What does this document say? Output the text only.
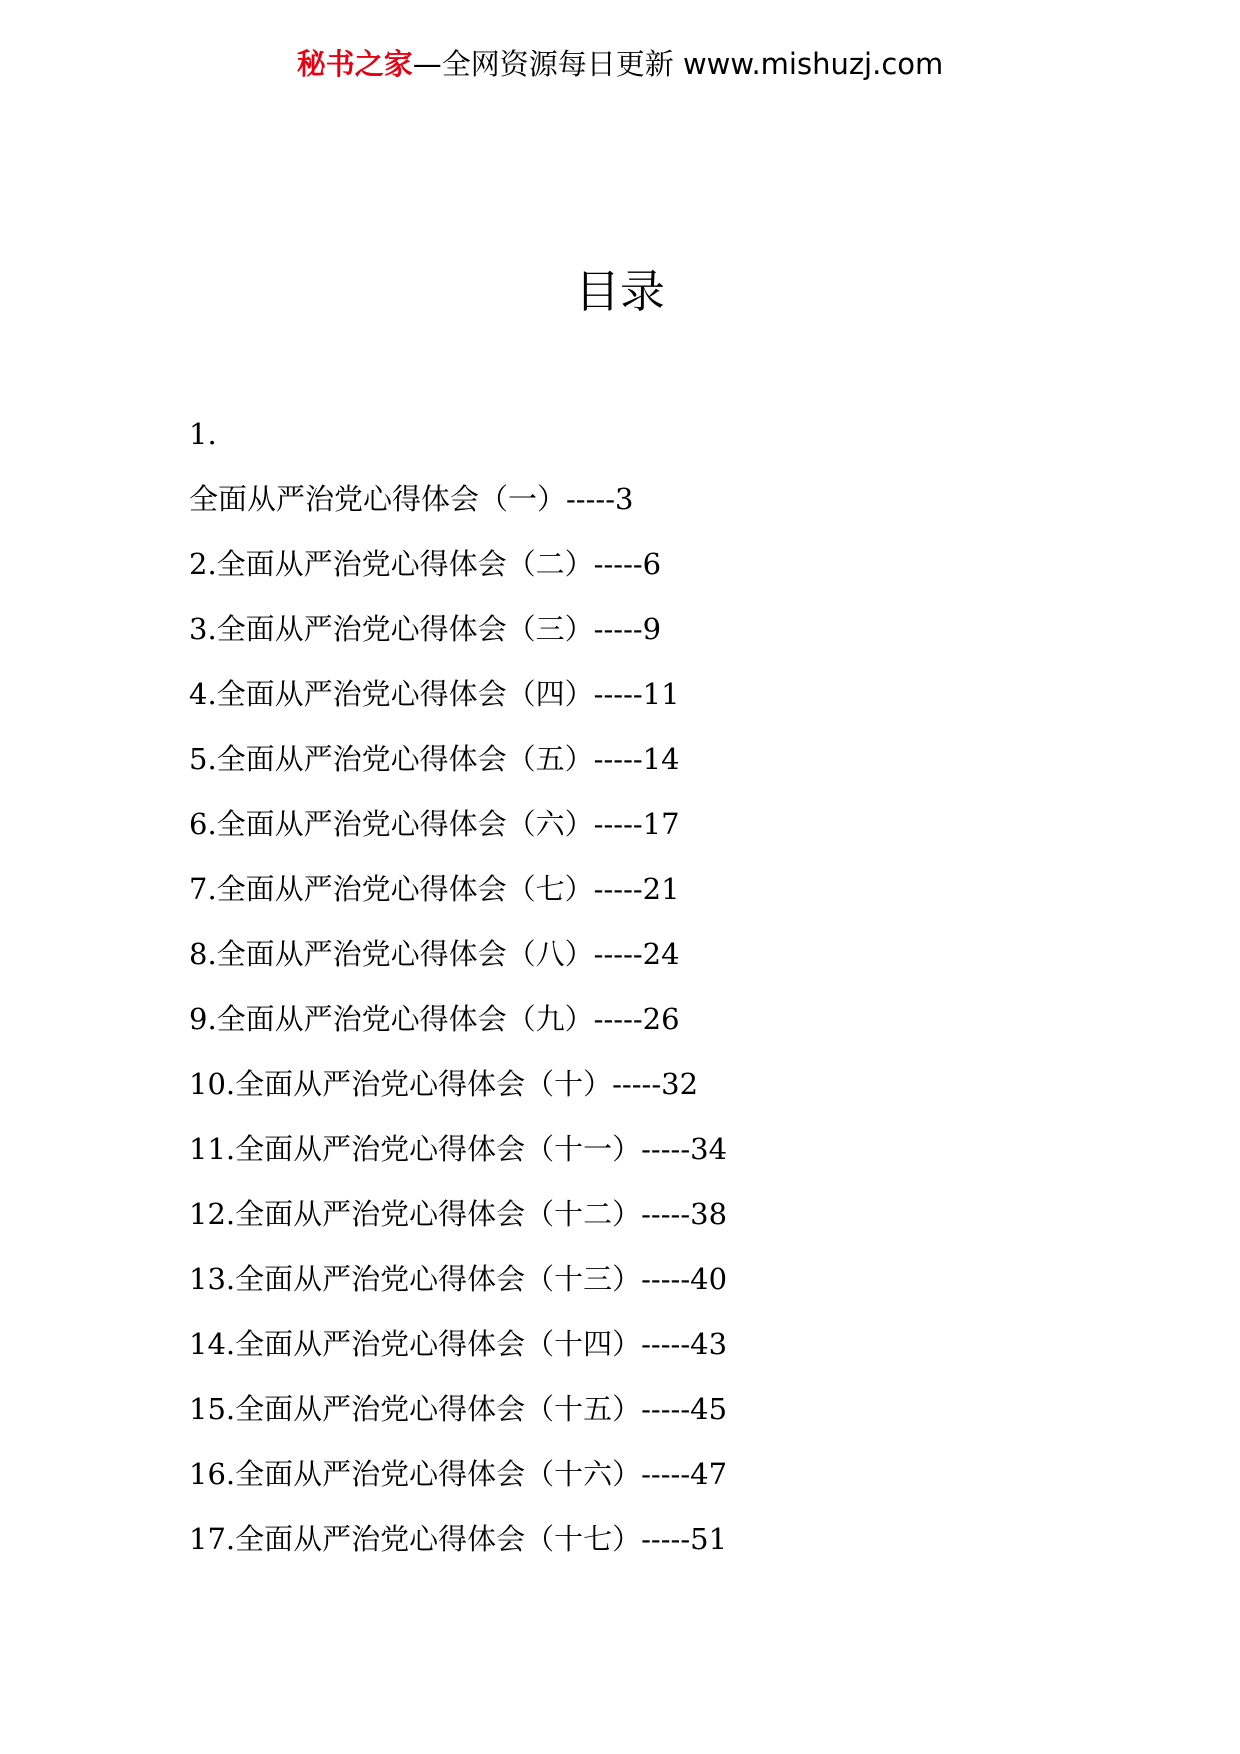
秘书之家—全网资源每日更新 www.mishuzj.com
目录
1.
全面从严治党心得体会（一）-----3
2.全面从严治党心得体会（二）-----6
3.全面从严治党心得体会（三）-----9
4.全面从严治党心得体会（四）-----11
5.全面从严治党心得体会（五）-----14
6.全面从严治党心得体会（六）-----17
7.全面从严治党心得体会（七）-----21
8.全面从严治党心得体会（八）-----24
9.全面从严治党心得体会（九）-----26
10.全面从严治党心得体会（十）-----32
11.全面从严治党心得体会（十一）-----34
12.全面从严治党心得体会（十二）-----38
13.全面从严治党心得体会（十三）-----40
14.全面从严治党心得体会（十四）-----43
15.全面从严治党心得体会（十五）-----45
16.全面从严治党心得体会（十六）-----47
17.全面从严治党心得体会（十七）-----51
